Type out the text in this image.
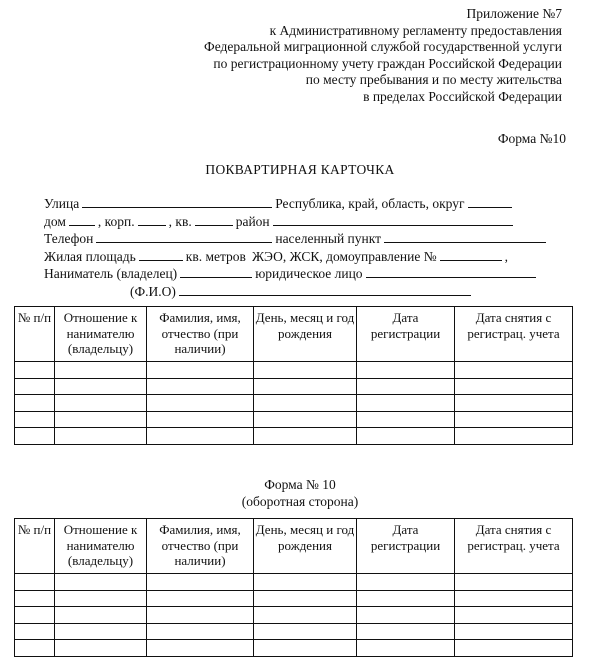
Приложение №7
к Административному регламенту предоставления
Федеральной миграционной службой государственной услуги
по регистрационному учету граждан Российской Федерации
по месту пребывания и по месту жительства
в пределах Российской Федерации
Форма №10
ПОКВАРТИРНАЯ КАРТОЧКА
Улица	Республика, край, область, округ
дом , корп.	, кв.	район
Телефон	населенный пункт
Жилая площадь	кв. метров ЖЭО, ЖСК, домоуправление №	,
Наниматель (владелец)	юридическое лицо
(Ф.И.О)
№ п/п	Отношение к нанимателю (владельцу)	Фамилия, имя, отчество (при наличии)	День, месяц и год рождения	Дата регистрации	Дата снятия с регистрац. учета

Форма № 10
(оборотная сторона)
№ п/п	Отношение к нанимателю (владельцу)	Фамилия, имя, отчество (при наличии)	День, месяц и год рождения	Дата регистрации	Дата снятия с регистрац. учета
